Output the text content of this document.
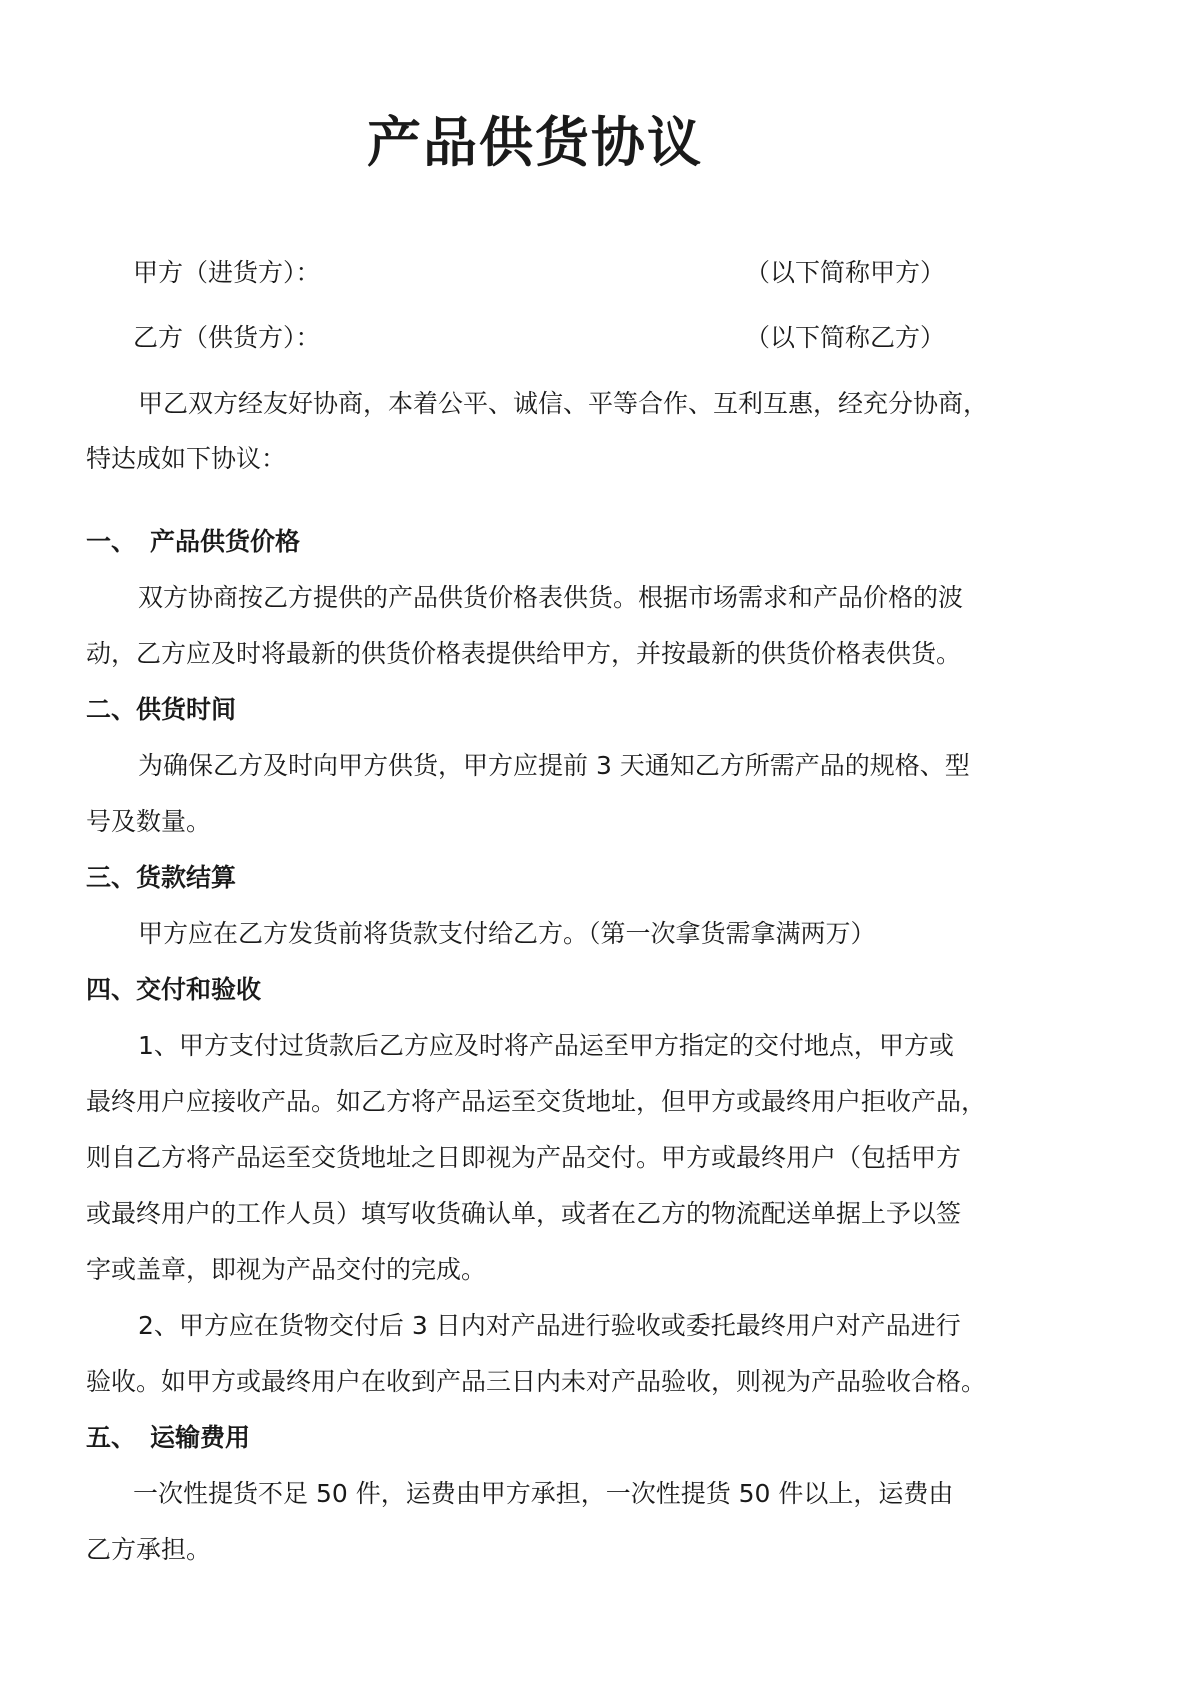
产品供货协议

甲方（进货方）：	（以下简称甲方）

乙方（供货方）：	（以下简称乙方）

甲乙双方经友好协商，本着公平、诚信、平等合作、互利互惠，经充分协商，

特达成如下协议：

一、 产品供货价格

双方协商按乙方提供的产品供货价格表供货。根据市场需求和产品价格的波

动，乙方应及时将最新的供货价格表提供给甲方，并按最新的供货价格表供货。

二、供货时间

为确保乙方及时向甲方供货，甲方应提前 3 天通知乙方所需产品的规格、型

号及数量。

三、货款结算

甲方应在乙方发货前将货款支付给乙方。（第一次拿货需拿满两万）

四、交付和验收

1、甲方支付过货款后乙方应及时将产品运至甲方指定的交付地点，甲方或

最终用户应接收产品。如乙方将产品运至交货地址，但甲方或最终用户拒收产品，

则自乙方将产品运至交货地址之日即视为产品交付。甲方或最终用户（包括甲方

或最终用户的工作人员）填写收货确认单，或者在乙方的物流配送单据上予以签

字或盖章，即视为产品交付的完成。

2、甲方应在货物交付后 3 日内对产品进行验收或委托最终用户对产品进行

验收。如甲方或最终用户在收到产品三日内未对产品验收，则视为产品验收合格。

五、 运输费用

一次性提货不足 50 件，运费由甲方承担，一次性提货 50 件以上，运费由

乙方承担。
